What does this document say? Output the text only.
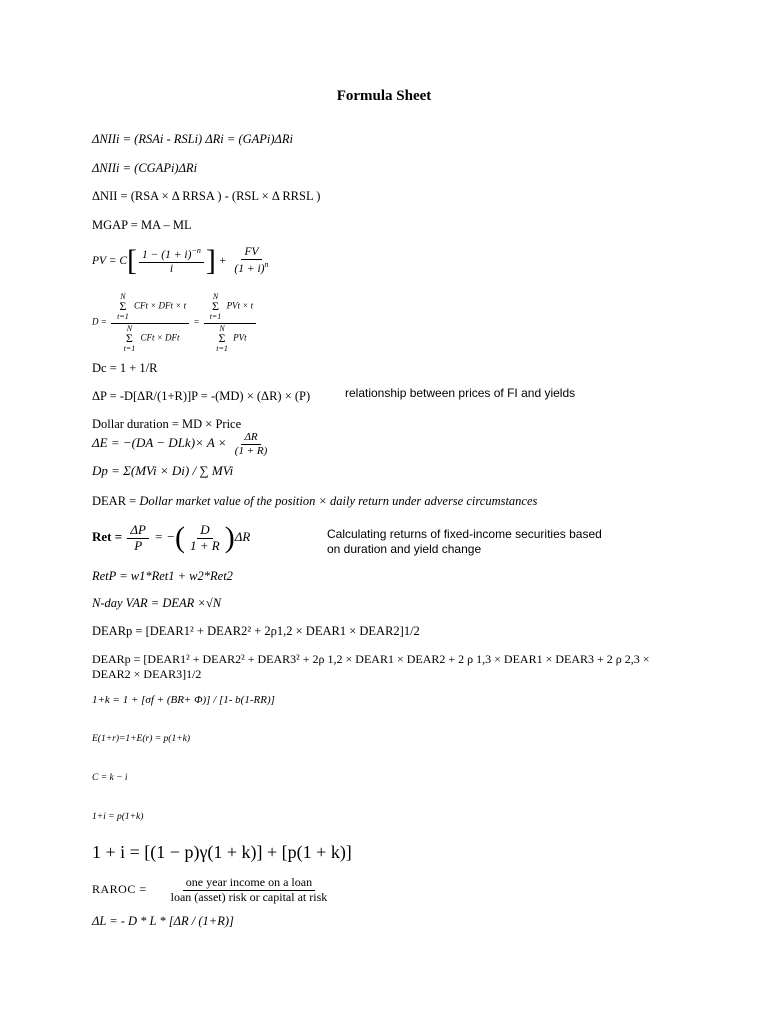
Formula Sheet
ΔNIIi = (RSAi - RSLi) ΔRi = (GAPi)ΔRi
ΔNIIi = (CGAPi)ΔRi
ΔNII = (RSA × Δ RRSA ) - (RSL × Δ RRSL )
MGAP = MA – ML
PV = $C[ \frac{1 - (1 + i)^{-n}}{i}$ ] + $\frac{FV}{(1 + i)^n}$
D = N
Σ
t=1
CFt × DFt × t
N
Σ
t=1
CFt × DFt = N
Σ
t=1
PVt × t
N
Σ
t=1
PVt
Dc = 1 + 1/R
ΔP = -D[ΔR/(1+R)]P = -(MD) × (ΔR) × (P)	relationship between prices of FI and yields
Dollar duration = MD × Price
$\Delta E = -(DA - DLk)\times A \times \frac{\Delta R}{(1 + R)}$
Dp = Σ(MVi × Di) / ∑ MVi
DEAR = Dollar market value of the position × daily return under adverse circumstances
Ret = $\frac{\Delta P}{P}$ = −( $\frac{D}{1 + R} )\Delta R$	Calculating returns of fixed-income securities based
on duration and yield change
RetP = w1*Ret1 + w2*Ret2
N-day VAR = DEAR ×√N
DEARp = [DEAR1² + DEAR2² + 2ρ1,2 × DEAR1 × DEAR2]1/2
DEARp = [DEAR1² + DEAR2² + DEAR3² + 2ρ 1,2 × DEAR1 × DEAR2 + 2 ρ 1,3 × DEAR1 × DEAR3 + 2 ρ 2,3 ×
DEAR2 × DEAR3]1/2
1+k = 1 + [σf + (BR+ Φ)] / [1- b(1-RR)]
E(1+r)=1+E(r) = p(1+k)
C = k − i
1+i = p(1+k)
1 + i = [(1 − p)γ(1 + k)] + [p(1 + k)]
RAROC = $\frac{\text{one year income on a loan}}{\text{loan (asset) risk or capital at risk}}$
ΔL = - D * L * [ΔR / (1+R)]
